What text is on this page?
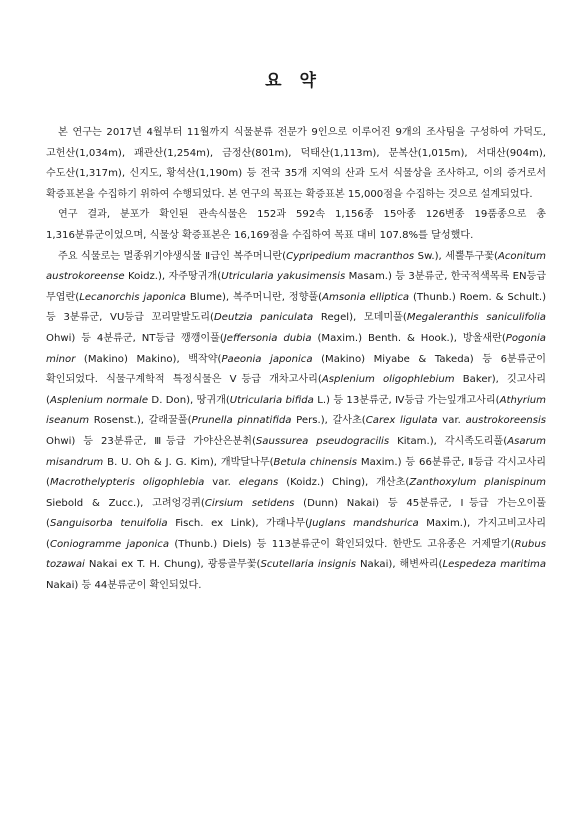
요 약

본 연구는 2017년 4월부터 11월까지 식물분류 전문가 9인으로 이루어진 9개의 조사팀을 구성하여 가덕도, 고헌산(1,034m), 괘관산(1,254m), 금정산(801m), 덕태산(1,113m), 문복산(1,015m), 서대산(904m), 수도산(1,317m), 신지도, 황석산(1,190m) 등 전국 35개 지역의 산과 도서 식물상을 조사하고, 이의 증거로서 확증표본을 수집하기 위하여 수행되었다. 본 연구의 목표는 확증표본 15,000점을 수집하는 것으로 설계되었다.

연구 결과, 분포가 확인된 관속식물은 152과 592속 1,156종 15아종 126변종 19품종으로 총 1,316분류군이었으며, 식물상 확증표본은 16,169점을 수집하여 목표 대비 107.8%를 달성했다.

주요 식물로는 멸종위기야생식물 Ⅱ급인 복주머니란(Cypripedium macranthos Sw.), 세뿔투구꽃(Aconitum austrokoreense Koidz.), 자주땅귀개(Utricularia yakusimensis Masam.) 등 3분류군, 한국적색목록 EN등급 무엽란(Lecanorchis japonica Blume), 복주머니란, 정향풀(Amsonia elliptica (Thunb.) Roem. & Schult.) 등 3분류군, VU등급 꼬리말발도리(Deutzia paniculata Regel), 모데미풀(Megaleranthis saniculifolia Ohwi) 등 4분류군, NT등급 깽깽이풀(Jeffersonia dubia (Maxim.) Benth. & Hook.), 방울새란(Pogonia minor (Makino) Makino), 백작약(Paeonia japonica (Makino) Miyabe & Takeda) 등 6분류군이 확인되었다. 식물구계학적 특정식물은 Ⅴ등급 개차고사리(Asplenium oligophlebium Baker), 깃고사리(Asplenium normale D. Don), 땅귀개(Utricularia bifida L.) 등 13분류군, Ⅳ등급 가는잎개고사리(Athyrium iseanum Rosenst.), 갈래꿀풀(Prunella pinnatifida Pers.), 갈사초(Carex ligulata var. austrokoreensis Ohwi) 등 23분류군, Ⅲ등급 가야산은분취(Saussurea pseudogracilis Kitam.), 각시족도리풀(Asarum misandrum B. U. Oh & J. G. Kim), 개박달나무(Betula chinensis Maxim.) 등 66분류군, Ⅱ등급 각시고사리(Macrothelypteris oligophlebia var. elegans (Koidz.) Ching), 개산초(Zanthoxylum planispinum Siebold & Zucc.), 고려엉겅퀴(Cirsium setidens (Dunn) Nakai) 등 45분류군, Ⅰ등급 가는오이풀(Sanguisorba tenuifolia Fisch. ex Link), 가래나무(Juglans mandshurica Maxim.), 가지고비고사리(Coniogramme japonica (Thunb.) Diels) 등 113분류군이 확인되었다. 한반도 고유종은 거제딸기(Rubus tozawai Nakai ex T. H. Chung), 광릉골무꽃(Scutellaria insignis Nakai), 해변싸리(Lespedeza maritima Nakai) 등 44분류군이 확인되었다.
